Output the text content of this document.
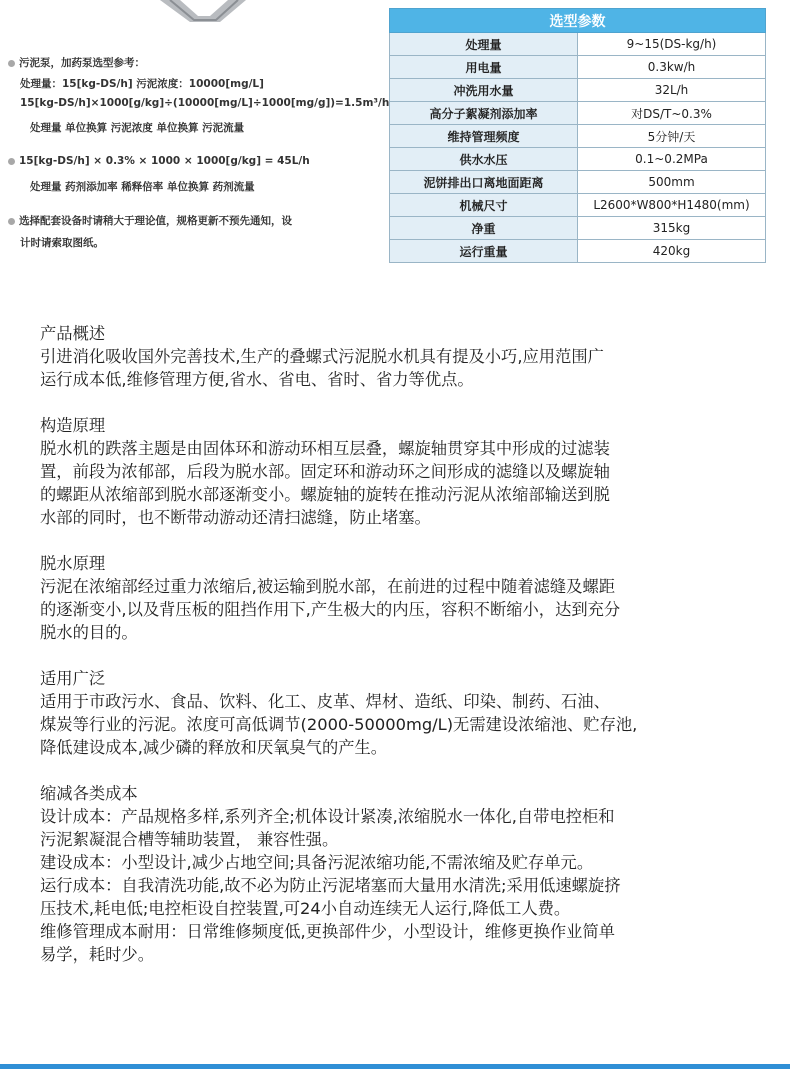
污泥泵，加药泵选型参考：
处理量：15[kg-DS/h] 污泥浓度：10000[mg/L]
15[kg-DS/h]×1000[g/kg]÷(10000[mg/L]÷1000[mg/g])=1.5m³/h
处理量 单位换算 污泥浓度 单位换算 污泥流量
15[kg-DS/h] × 0.3% × 1000 × 1000[g/kg] = 45L/h
处理量 药剂添加率 稀释倍率 单位换算 药剂流量
选择配套设备时请稍大于理论值，规格更新不预先通知，设
计时请索取图纸。
选型参数	
处理量	9~15(DS-kg/h)
用电量	0.3kw/h
冲洗用水量	32L/h
高分子絮凝剂添加率	对DS/T~0.3%
维持管理频度	5分钟/天
供水水压	0.1~0.2MPa
泥饼排出口离地面距离	500mm
机械尺寸	L2600*W800*H1480(mm)
净重	315kg
运行重量	420kg

产品概述

引进消化吸收国外完善技术,生产的叠螺式污泥脱水机具有提及小巧,应用范围广

运行成本低,维修管理方便,省水、省电、省时、省力等优点。

构造原理

脱水机的跌落主题是由固体环和游动环相互层叠，螺旋轴贯穿其中形成的过滤装

置，前段为浓郁部，后段为脱水部。固定环和游动环之间形成的滤缝以及螺旋轴

的螺距从浓缩部到脱水部逐渐变小。螺旋轴的旋转在推动污泥从浓缩部输送到脱

水部的同时，也不断带动游动还清扫滤缝，防止堵塞。

脱水原理

污泥在浓缩部经过重力浓缩后,被运输到脱水部，在前进的过程中随着滤缝及螺距

的逐渐变小,以及背压板的阻挡作用下,产生极大的内压，容积不断缩小，达到充分

脱水的目的。

适用广泛

适用于市政污水、食品、饮料、化工、皮革、焊材、造纸、印染、制药、石油、

煤炭等行业的污泥。浓度可高低调节(2000-50000mg/L)无需建设浓缩池、贮存池,

降低建设成本,减少磷的释放和厌氧臭气的产生。

缩减各类成本

设计成本：产品规格多样,系列齐全;机体设计紧凑,浓缩脱水一体化,自带电控柜和

污泥絮凝混合槽等辅助装置， 兼容性强。

建设成本：小型设计,减少占地空间;具备污泥浓缩功能,不需浓缩及贮存单元。

运行成本：自我清洗功能,故不必为防止污泥堵塞而大量用水清洗;采用低速螺旋挤

压技术,耗电低;电控柜设自控装置,可24小自动连续无人运行,降低工人费。

维修管理成本耐用：日常维修频度低,更换部件少，小型设计，维修更换作业简单

易学，耗时少。
